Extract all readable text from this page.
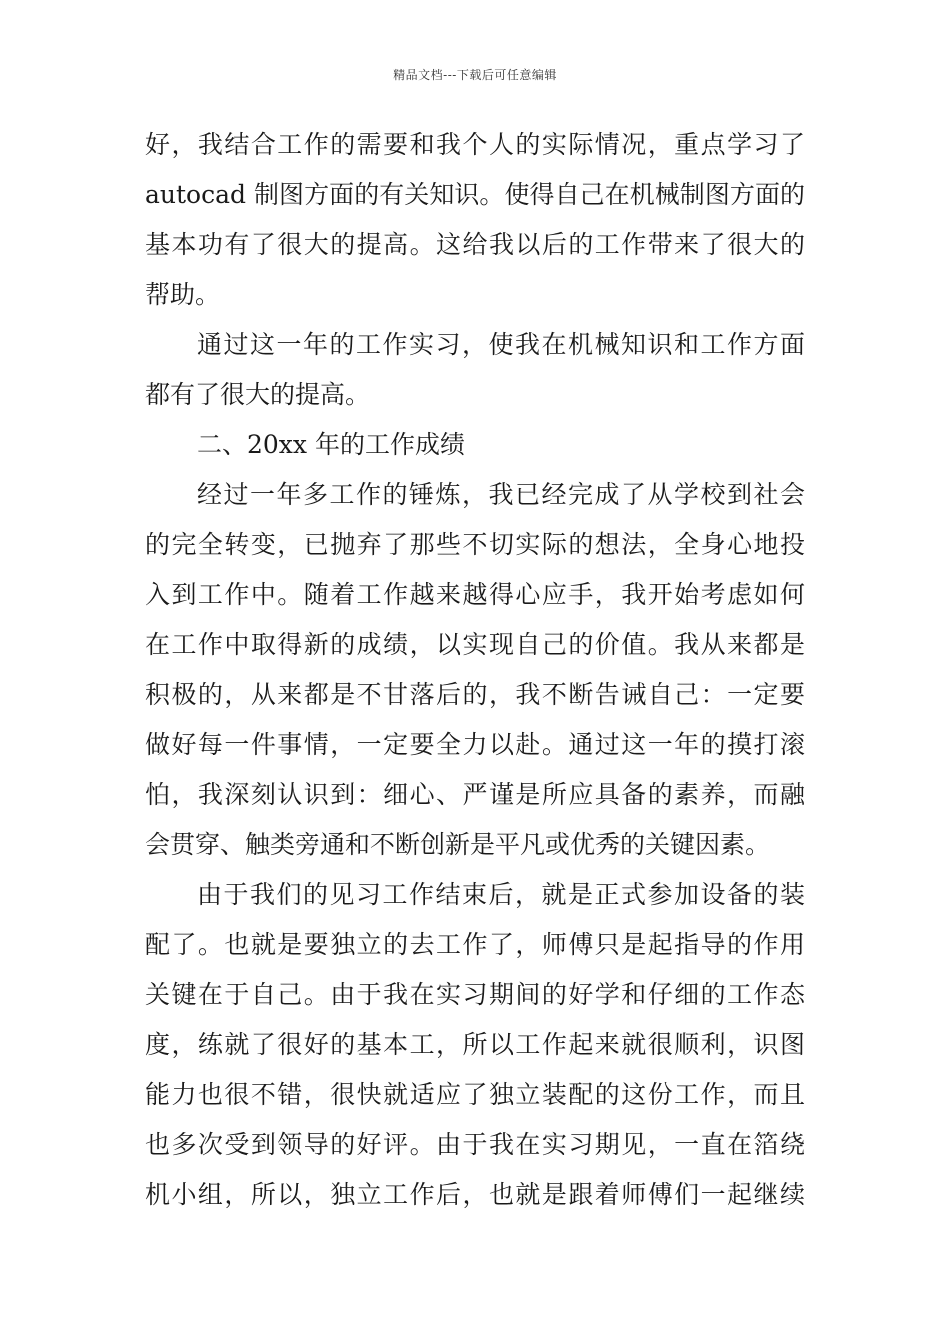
精品文档---下载后可任意编辑
好，我结合工作的需要和我个人的实际情况，重点学习了
autocad 制图方面的有关知识。使得自己在机械制图方面的
基本功有了很大的提高。这给我以后的工作带来了很大的
帮助。
通过这一年的工作实习，使我在机械知识和工作方面
都有了很大的提高。
二、20xx 年的工作成绩
经过一年多工作的锤炼，我已经完成了从学校到社会
的完全转变，已抛弃了那些不切实际的想法，全身心地投
入到工作中。随着工作越来越得心应手，我开始考虑如何
在工作中取得新的成绩，以实现自己的价值。我从来都是
积极的，从来都是不甘落后的，我不断告诫自己：一定要
做好每一件事情，一定要全力以赴。通过这一年的摸打滚
怕，我深刻认识到：细心、严谨是所应具备的素养，而融
会贯穿、触类旁通和不断创新是平凡或优秀的关键因素。
由于我们的见习工作结束后，就是正式参加设备的装
配了。也就是要独立的去工作了，师傅只是起指导的作用
关键在于自己。由于我在实习期间的好学和仔细的工作态
度，练就了很好的基本工，所以工作起来就很顺利，识图
能力也很不错，很快就适应了独立装配的这份工作，而且
也多次受到领导的好评。由于我在实习期见，一直在箔绕
机小组，所以，独立工作后，也就是跟着师傅们一起继续
